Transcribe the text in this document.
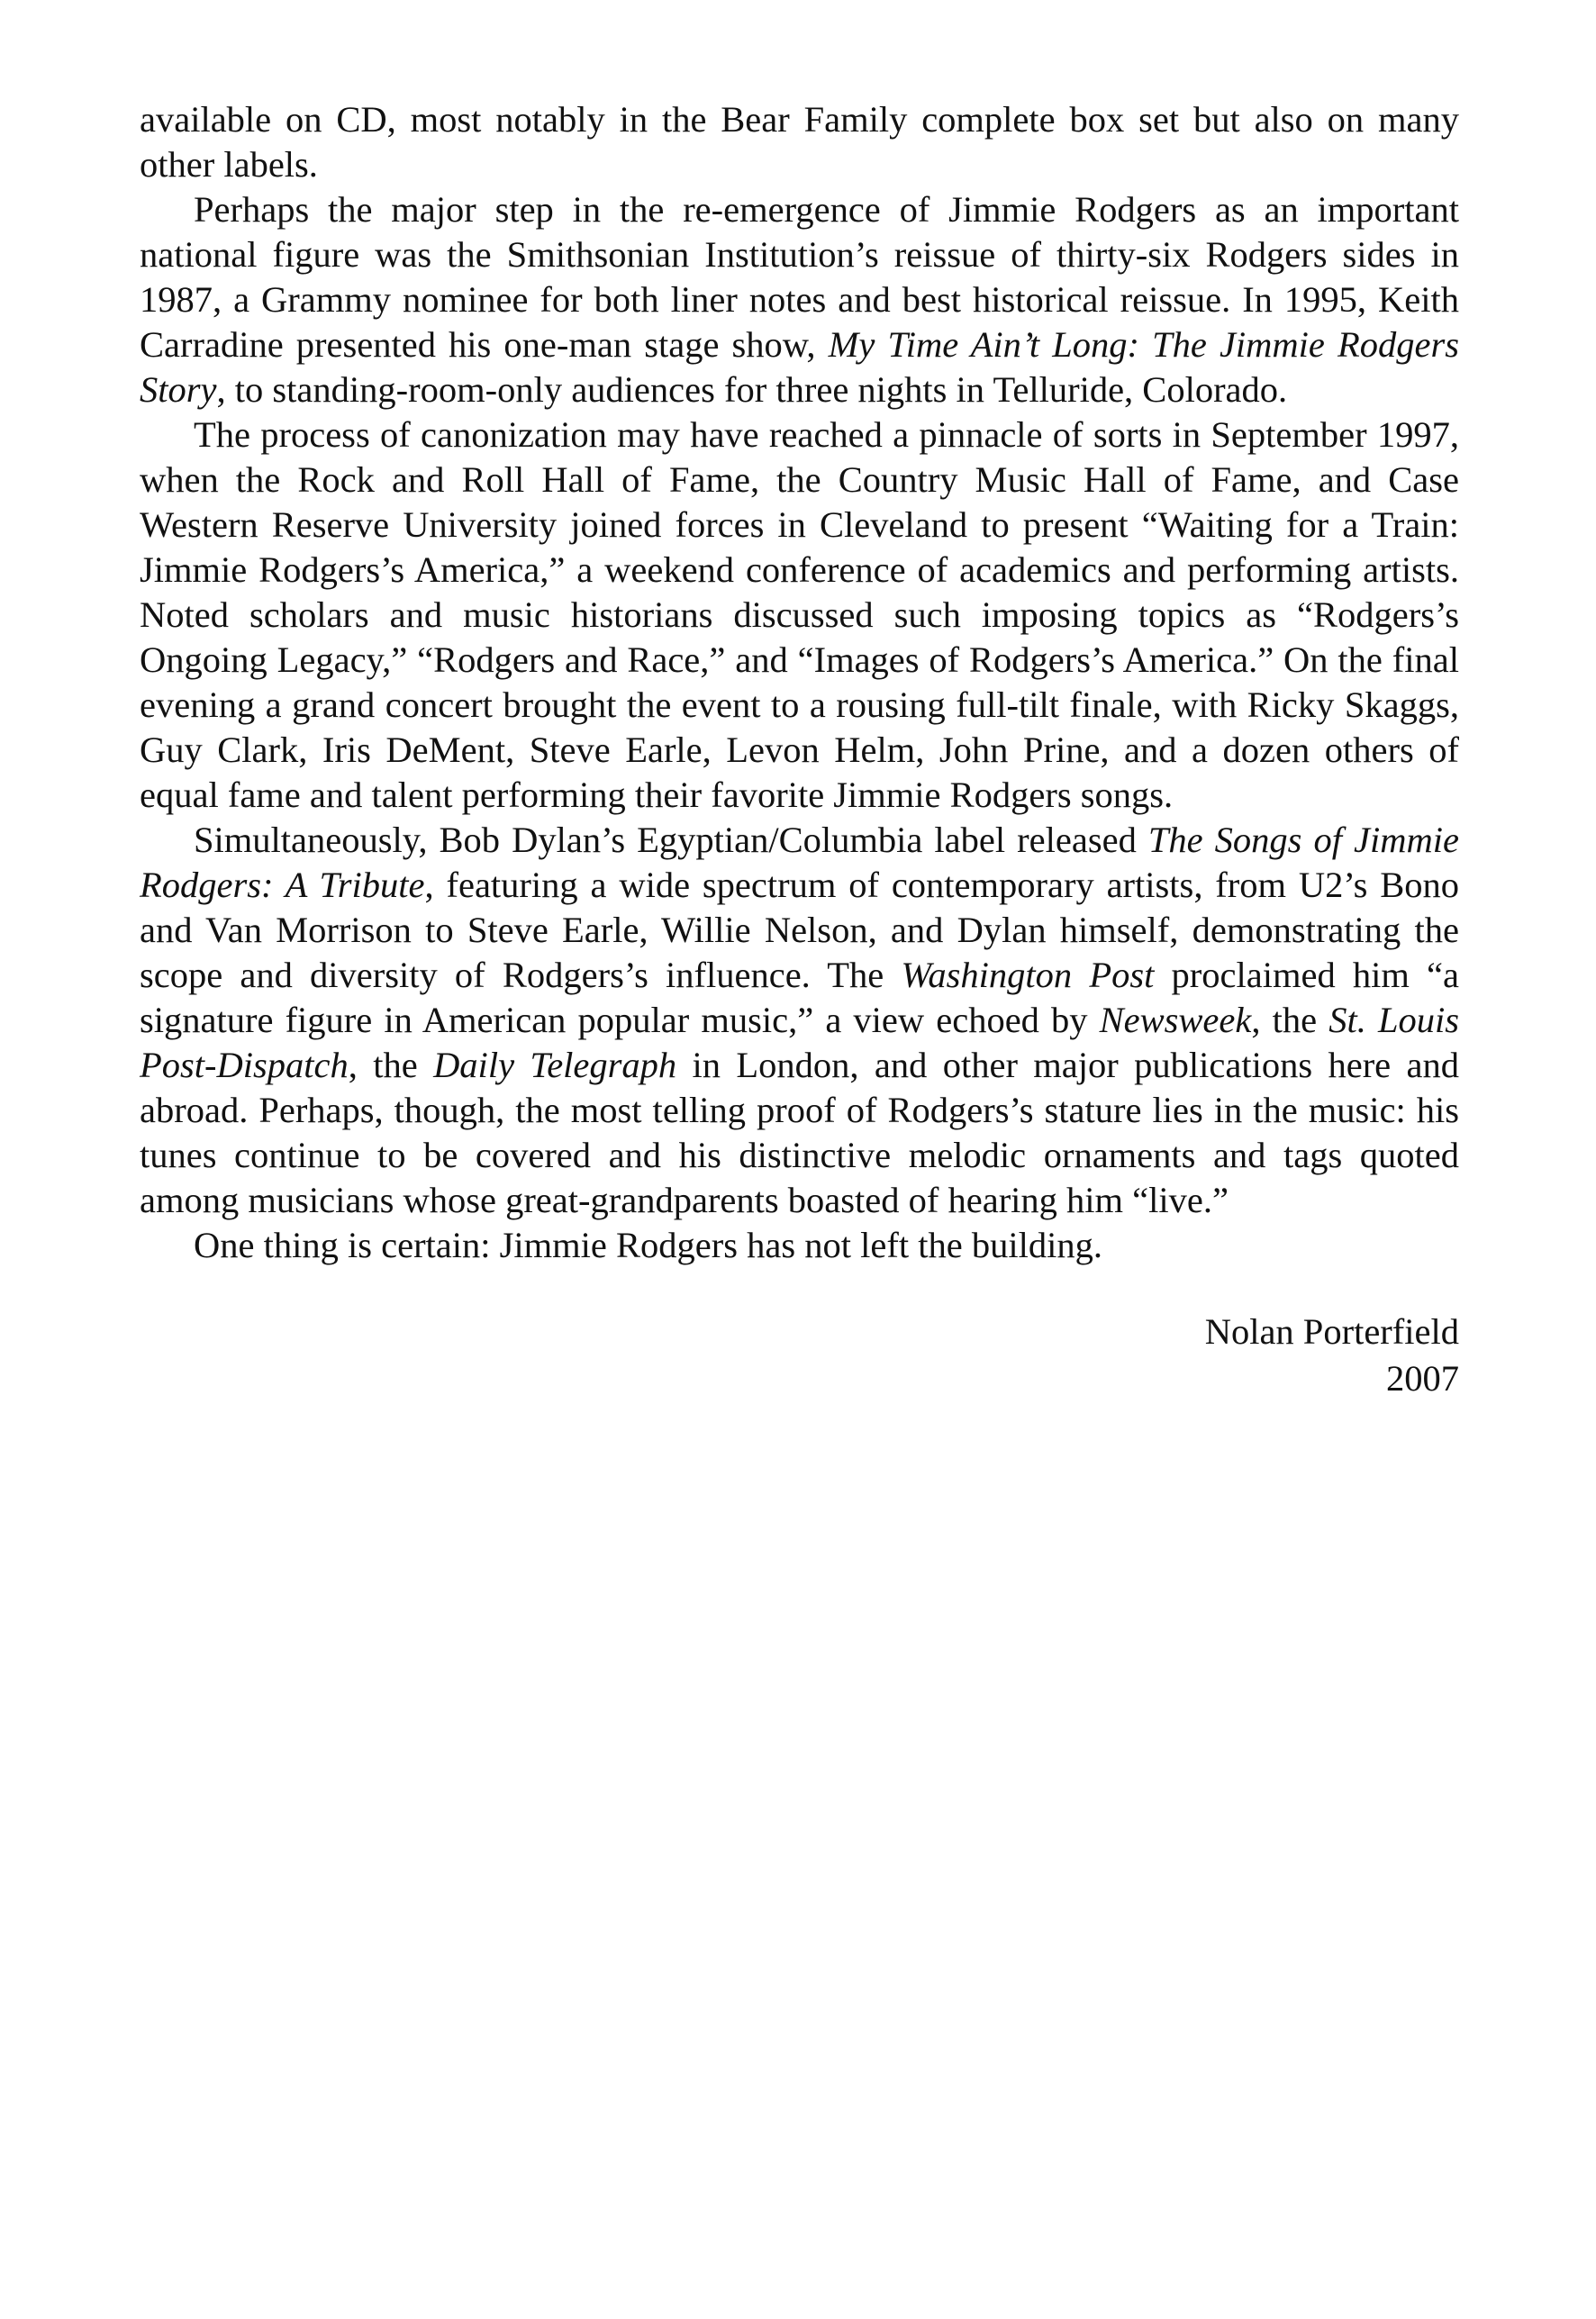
available on CD, most notably in the Bear Family complete box set but also on many other labels.

Perhaps the major step in the re-emergence of Jimmie Rodgers as an important national figure was the Smithsonian Institution’s reissue of thirty-six Rodgers sides in 1987, a Grammy nominee for both liner notes and best historical reissue. In 1995, Keith Carradine presented his one-man stage show, My Time Ain’t Long: The Jimmie Rodgers Story, to standing-room-only audiences for three nights in Telluride, Colorado.

The process of canonization may have reached a pinnacle of sorts in September 1997, when the Rock and Roll Hall of Fame, the Country Music Hall of Fame, and Case Western Reserve University joined forces in Cleveland to present “Waiting for a Train: Jimmie Rodgers’s America,” a weekend conference of academics and performing artists. Noted scholars and music historians discussed such imposing topics as “Rodgers’s Ongoing Legacy,” “Rodgers and Race,” and “Images of Rodgers’s America.” On the final evening a grand concert brought the event to a rousing full-tilt finale, with Ricky Skaggs, Guy Clark, Iris DeMent, Steve Earle, Levon Helm, John Prine, and a dozen others of equal fame and talent performing their favorite Jimmie Rodgers songs.

Simultaneously, Bob Dylan’s Egyptian/Columbia label released The Songs of Jimmie Rodgers: A Tribute, featuring a wide spectrum of contemporary artists, from U2’s Bono and Van Morrison to Steve Earle, Willie Nelson, and Dylan himself, demonstrating the scope and diversity of Rodgers’s influence. The Washington Post proclaimed him “a signature figure in American popular music,” a view echoed by Newsweek, the St. Louis Post-Dispatch, the Daily Telegraph in London, and other major publications here and abroad. Perhaps, though, the most telling proof of Rodgers’s stature lies in the music: his tunes continue to be covered and his distinctive melodic ornaments and tags quoted among musicians whose great-grandparents boasted of hearing him “live.”

One thing is certain: Jimmie Rodgers has not left the building.

Nolan Porterfield
2007
